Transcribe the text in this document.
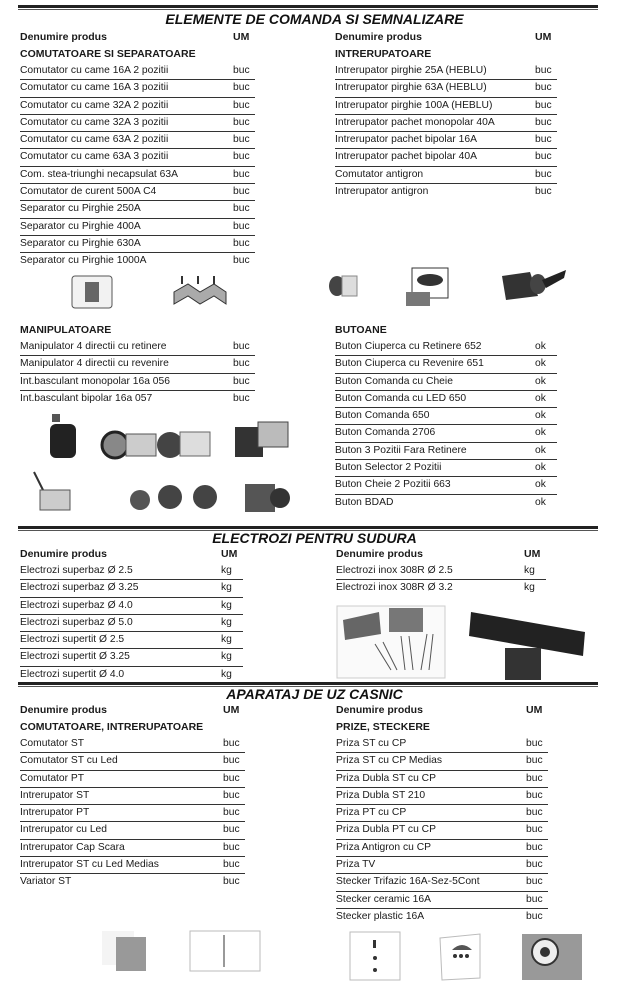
ELEMENTE DE COMANDA SI SEMNALIZARE
Denumire produs	UM
COMUTATOARE SI SEPARATOARE
Comutator cu came 16A 2 pozitii	buc
Comutator cu came 16A 3 pozitii	buc
Comutator cu came 32A 2 pozitii	buc
Comutator cu came 32A 3 pozitii	buc
Comutator cu came 63A 2 pozitii	buc
Comutator cu came 63A 3 pozitii	buc
Com. stea-triunghi necapsulat 63A	buc
Comutator de curent 500A C4	buc
Separator cu Pirghie 250A	buc
Separator cu Pirghie 400A	buc
Separator cu Pirghie 630A	buc
Separator cu Pirghie 1000A	buc
Denumire produs	UM
INTRERUPATOARE
Intrerupator pirghie 25A (HEBLU)	buc
Intrerupator pirghie 63A (HEBLU)	buc
Intrerupator pirghie 100A (HEBLU)	buc
Intrerupator pachet monopolar 40A	buc
Intrerupator pachet bipolar 16A	buc
Intrerupator pachet bipolar 40A	buc
Comutator antigron	buc
Intrerupator antigron	buc
MANIPULATOARE
Manipulator 4 directii cu retinere	buc
Manipulator 4 directii cu revenire	buc
Int.basculant monopolar 16a 056	buc
Int.basculant bipolar 16a 057	buc
BUTOANE
Buton Ciuperca cu Retinere 652	ok
Buton Ciuperca cu Revenire 651	ok
Buton Comanda cu Cheie	ok
Buton Comanda cu LED 650	ok
Buton Comanda 650	ok
Buton Comanda 2706	ok
Buton 3 Pozitii Fara Retinere	ok
Buton Selector 2 Pozitii	ok
Buton Cheie 2 Pozitii 663	ok
Buton BDAD	ok
ELECTROZI PENTRU SUDURA
Denumire produs	UM
Electrozi superbaz Ø 2.5	kg
Electrozi superbaz Ø 3.25	kg
Electrozi superbaz Ø 4.0	kg
Electrozi superbaz Ø 5.0	kg
Electrozi supertit Ø 2.5	kg
Electrozi supertit Ø 3.25	kg
Electrozi supertit Ø 4.0	kg
Denumire produs	UM
Electrozi inox 308R Ø 2.5	kg
Electrozi inox 308R Ø 3.2	kg
APARATAJ DE UZ CASNIC
Denumire produs	UM
COMUTATOARE, INTRERUPATOARE
Comutator ST	buc
Comutator ST cu Led	buc
Comutator PT	buc
Intrerupator ST	buc
Intrerupator PT	buc
Intrerupator cu Led	buc
Intrerupator Cap Scara	buc
Intrerupator ST cu Led Medias	buc
Variator ST	buc
Denumire produs	UM
PRIZE, STECKERE
Priza ST cu CP	buc
Priza ST cu CP Medias	buc
Priza Dubla ST cu CP	buc
Priza Dubla ST 210	buc
Priza PT cu CP	buc
Priza Dubla PT cu CP	buc
Priza Antigron cu CP	buc
Priza TV	buc
Stecker Trifazic 16A-Sez-5Cont	buc
Stecker ceramic 16A	buc
Stecker plastic 16A	buc
